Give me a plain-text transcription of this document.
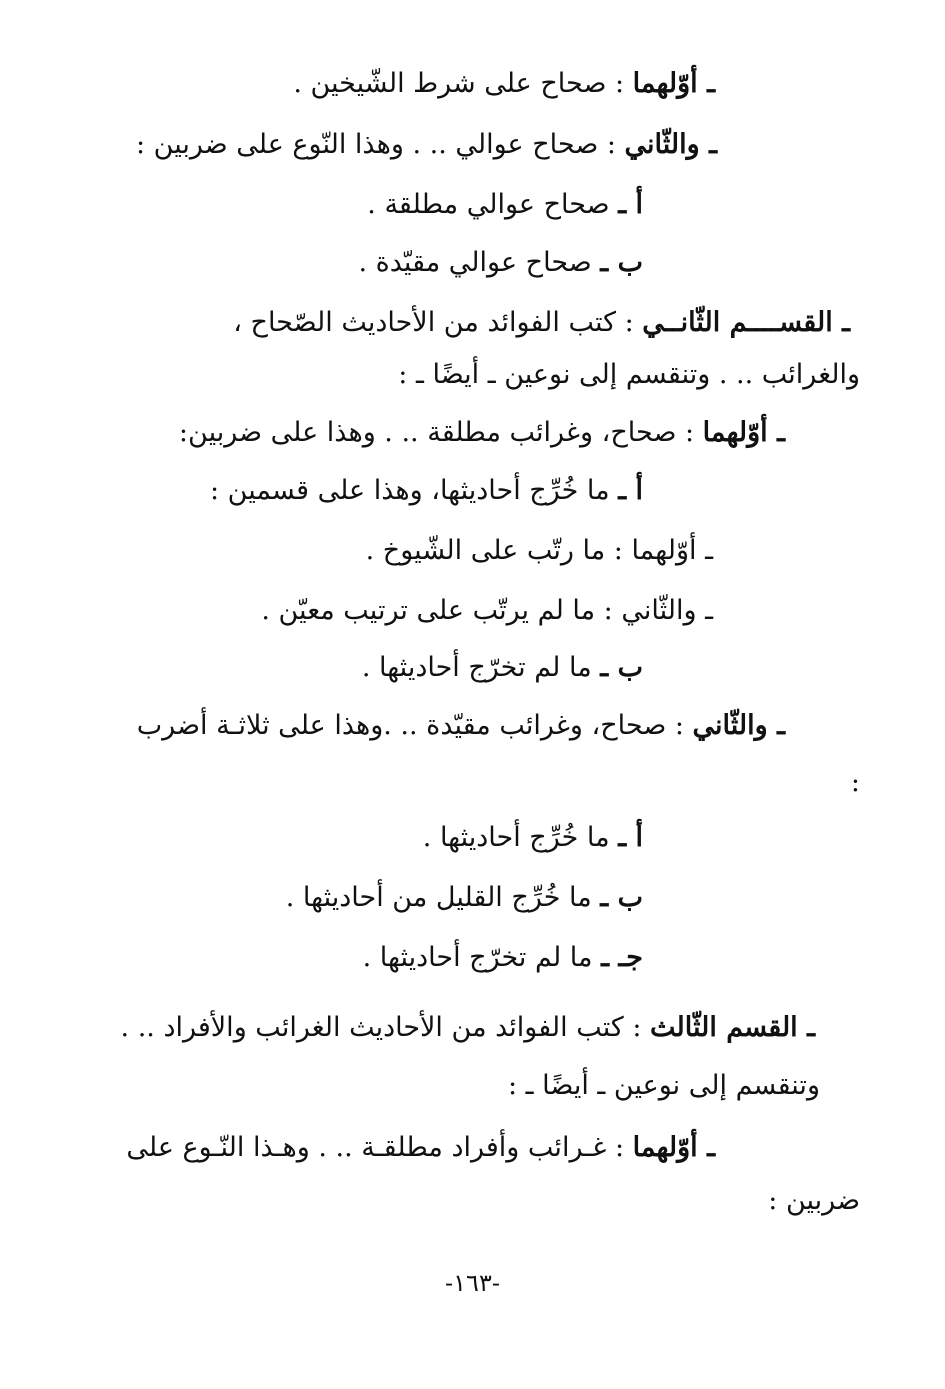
ـ أوّلهما : صحاح على شرط الشّيخين .
ـ والثّاني : صحاح عوالي .. . وهذا النّوع على ضربين :
أ ـ صحاح عوالي مطلقة .
ب ـ صحاح عوالي مقيّدة .
ـ القســــم الثّانــي : كتب الفوائد من الأحاديث الصّحاح ،
والغرائب .. . وتنقسم إلى نوعين ـ أيضًا ـ :
ـ أوّلهما : صحاح، وغرائب مطلقة .. . وهذا على ضربين:
أ ـ ما خُرِّج أحاديثها، وهذا على قسمين :
ـ أوّلهما : ما رتّب على الشّيوخ .
ـ والثّاني : ما لم يرتّب على ترتيب معيّن .
ب ـ ما لم تخرّج أحاديثها .
ـ والثّاني : صحاح، وغرائب مقيّدة .. .وهذا على ثلاثـة أضرب
:
أ ـ ما خُرِّج أحاديثها .
ب ـ ما خُرِّج القليل من أحاديثها .
جـ ـ ما لم تخرّج أحاديثها .
ـ القسم الثّالث : كتب الفوائد من الأحاديث الغرائب والأفراد .. .
وتنقسم إلى نوعين ـ أيضًا ـ :
ـ أوّلهما : غـرائب وأفراد مطلقـة .. . وهـذا النّـوع على
ضربين :
-١٦٣-
